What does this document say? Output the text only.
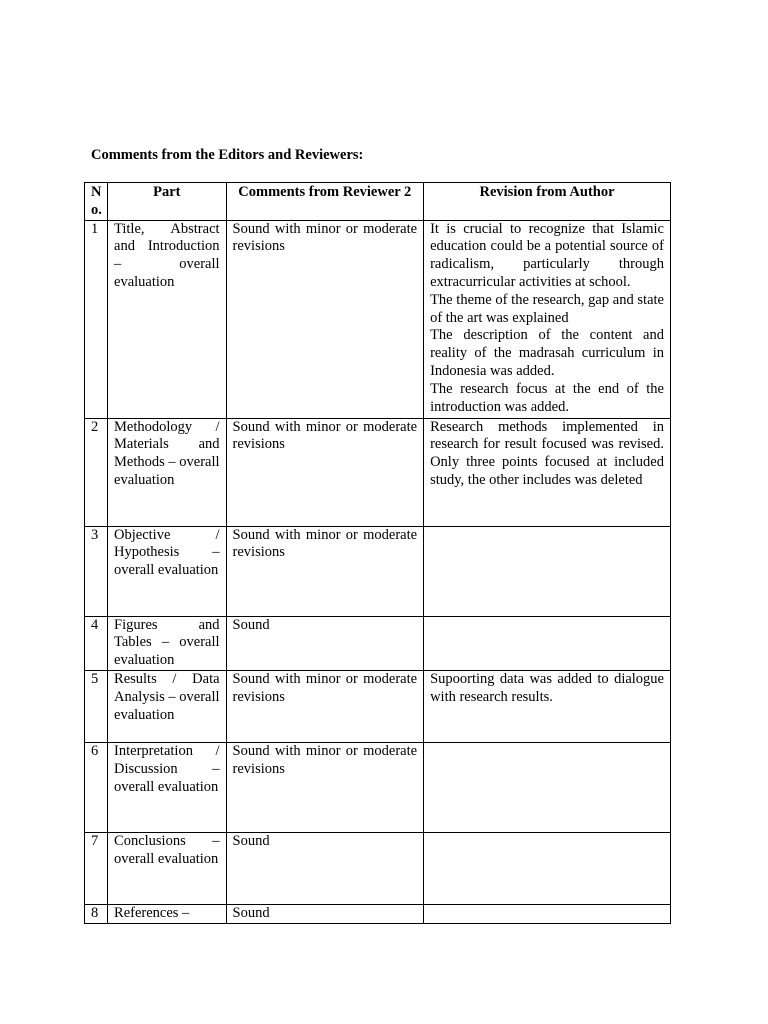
Comments from the Editors and Reviewers:
No.	Part	Comments from Reviewer 2	Revision from Author
1	Title, Abstract and Introduction – overall evaluation	Sound with minor or moderate revisions	It is crucial to recognize that Islamic education could be a potential source of radicalism, particularly through extracurricular activities at school.

The theme of the research, gap and state of the art was explained

The description of the content and reality of the madrasah curriculum in Indonesia was added.

The research focus at the end of the introduction was added.

2	Methodology / Materials and Methods – overall evaluation	Sound with minor or moderate revisions	Research methods implemented in research for result focused was revised. Only three points focused at included study, the other includes was deleted

3	Objective / Hypothesis – overall evaluation	Sound with minor or moderate revisions	
4	Figures and Tables – overall evaluation	Sound	
5	Results / Data Analysis – overall evaluation	Sound with minor or moderate revisions	Supoorting data was added to dialogue with research results.

6	Interpretation / Discussion – overall evaluation	Sound with minor or moderate revisions	
7	Conclusions – overall evaluation	Sound	
8	References –	Sound	
